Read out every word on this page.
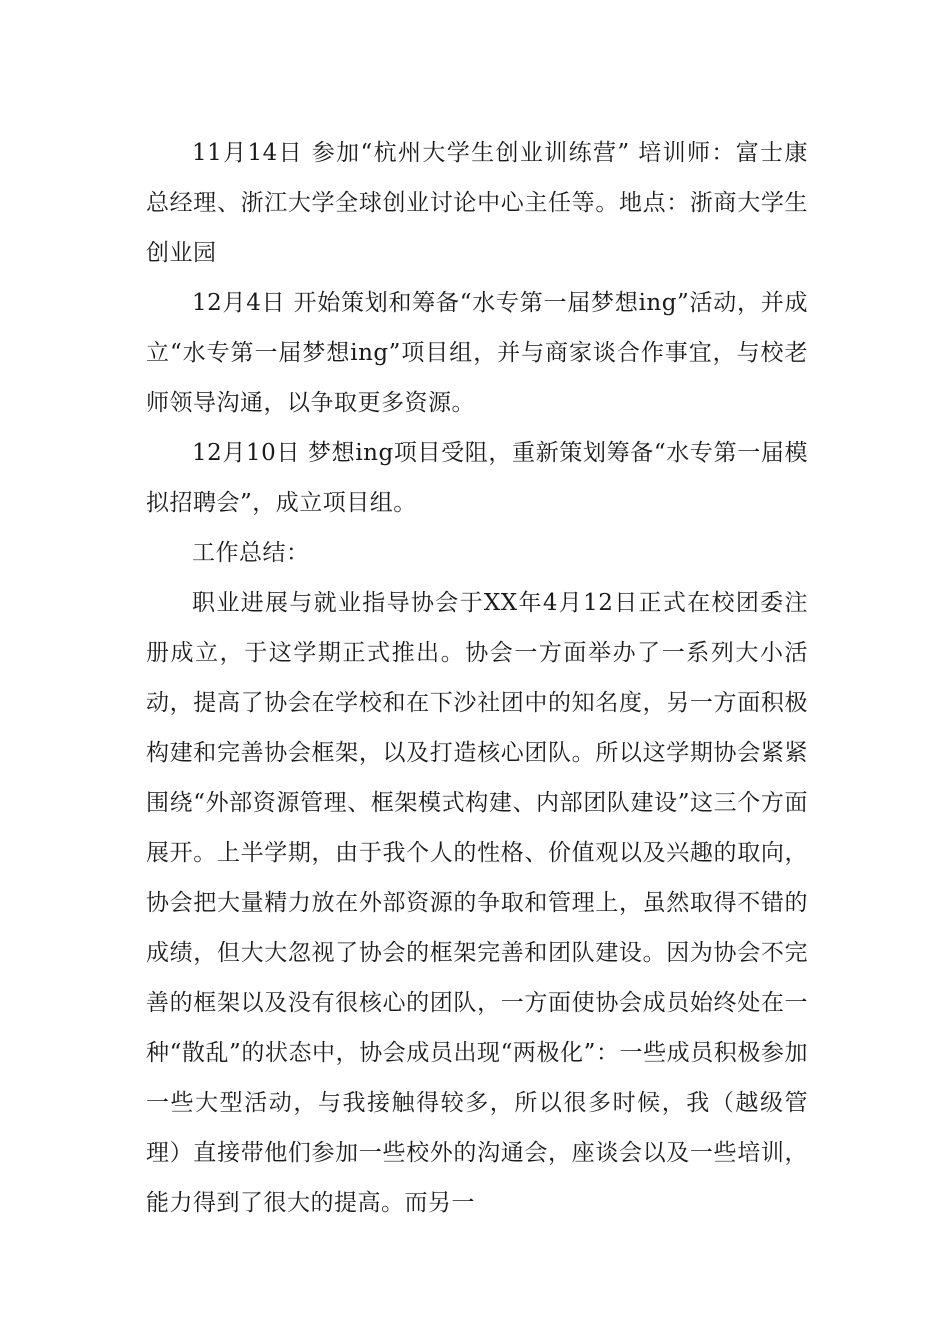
11月14日 参加“杭州大学生创业训练营” 培训师：富士康总经理、浙江大学全球创业讨论中心主任等。地点：浙商大学生创业园

12月4日 开始策划和筹备“水专第一届梦想ing”活动，并成立“水专第一届梦想ing”项目组，并与商家谈合作事宜，与校老师领导沟通，以争取更多资源。

12月10日 梦想ing项目受阻，重新策划筹备“水专第一届模拟招聘会”，成立项目组。

工作总结：

职业进展与就业指导协会于XX年4月12日正式在校团委注册成立，于这学期正式推出。协会一方面举办了一系列大小活动，提高了协会在学校和在下沙社团中的知名度，另一方面积极构建和完善协会框架，以及打造核心团队。所以这学期协会紧紧围绕“外部资源管理、框架模式构建、内部团队建设”这三个方面展开。上半学期，由于我个人的性格、价值观以及兴趣的取向，协会把大量精力放在外部资源的争取和管理上，虽然取得不错的成绩，但大大忽视了协会的框架完善和团队建设。因为协会不完善的框架以及没有很核心的团队，一方面使协会成员始终处在一种“散乱”的状态中，协会成员出现“两极化”：一些成员积极参加一些大型活动，与我接触得较多，所以很多时候，我（越级管理）直接带他们参加一些校外的沟通会，座谈会以及一些培训，能力得到了很大的提高。而另一
